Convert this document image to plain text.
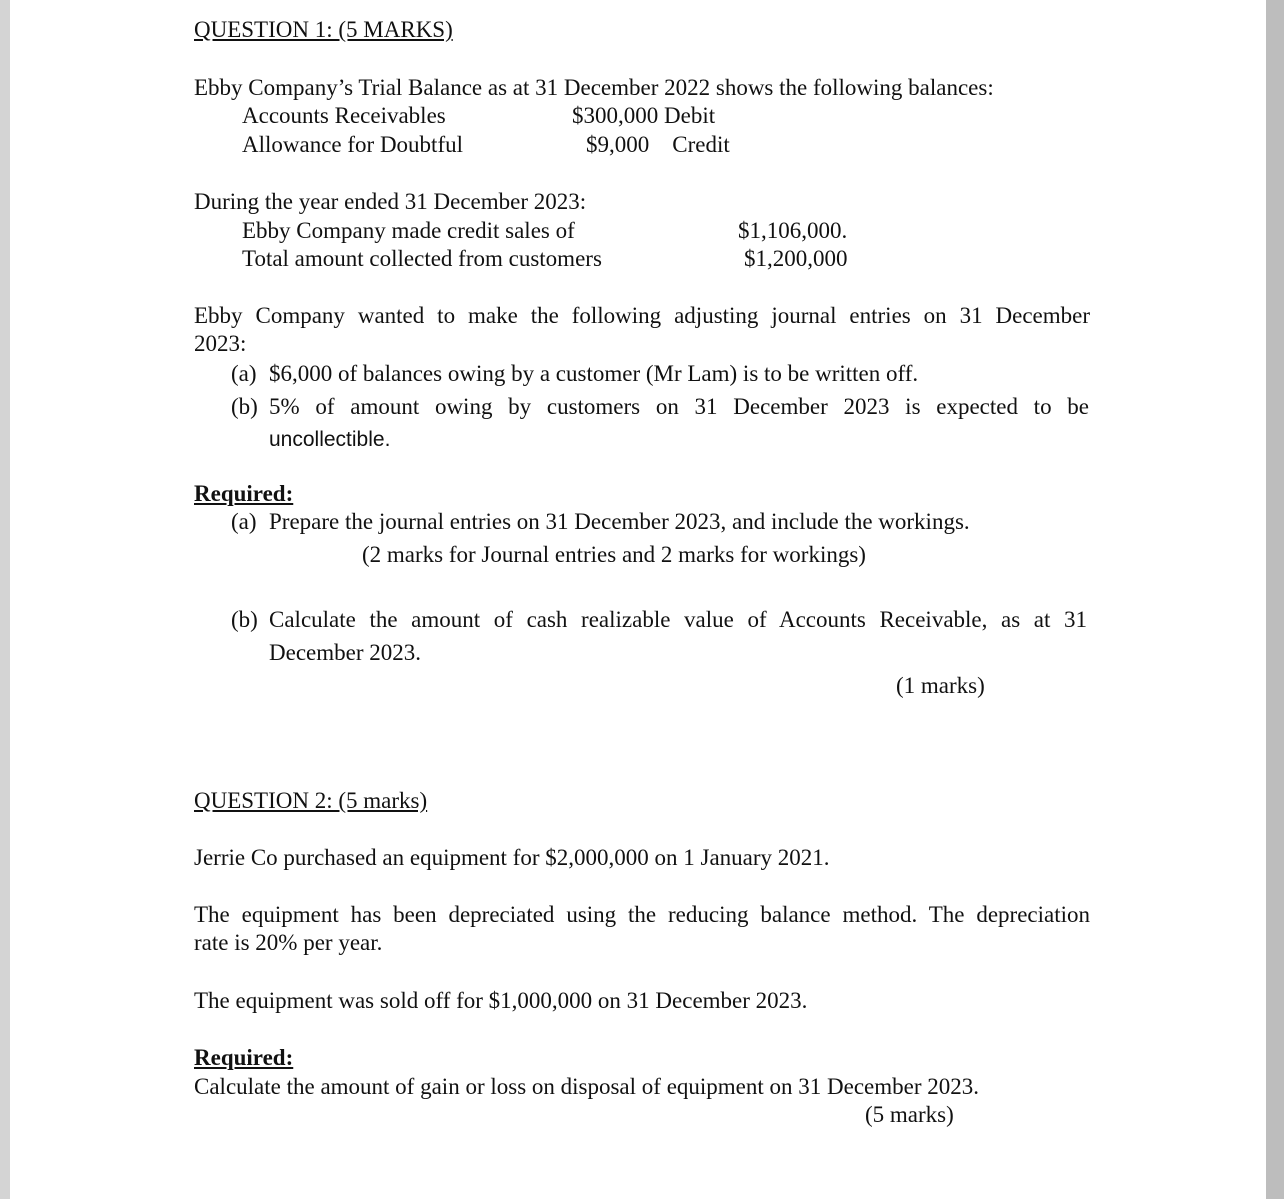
QUESTION 1: (5 MARKS)
Ebby Company’s Trial Balance as at 31 December 2022 shows the following balances:
Accounts Receivables	$300,000 Debit
Allowance for Doubtful	$9,000    Credit
During the year ended 31 December 2023:
Ebby Company made credit sales of	$1,106,000.
Total amount collected from customers	$1,200,000
Ebby Company wanted to make the following adjusting journal entries on 31 December
2023:
(a) $6,000 of balances owing by a customer (Mr Lam) is to be written off.
(b) 5% of amount owing by customers on 31 December 2023 is expected to be
uncollectible.
Required:
(a) Prepare the journal entries on 31 December 2023, and include the workings.
(2 marks for Journal entries and 2 marks for workings)
(b) Calculate the amount of cash realizable value of Accounts Receivable, as at 31
December 2023.
(1 marks)
QUESTION 2: (5 marks)
Jerrie Co purchased an equipment for $2,000,000 on 1 January 2021.
The equipment has been depreciated using the reducing balance method. The depreciation
rate is 20% per year.
The equipment was sold off for $1,000,000 on 31 December 2023.
Required:
Calculate the amount of gain or loss on disposal of equipment on 31 December 2023.
(5 marks)
